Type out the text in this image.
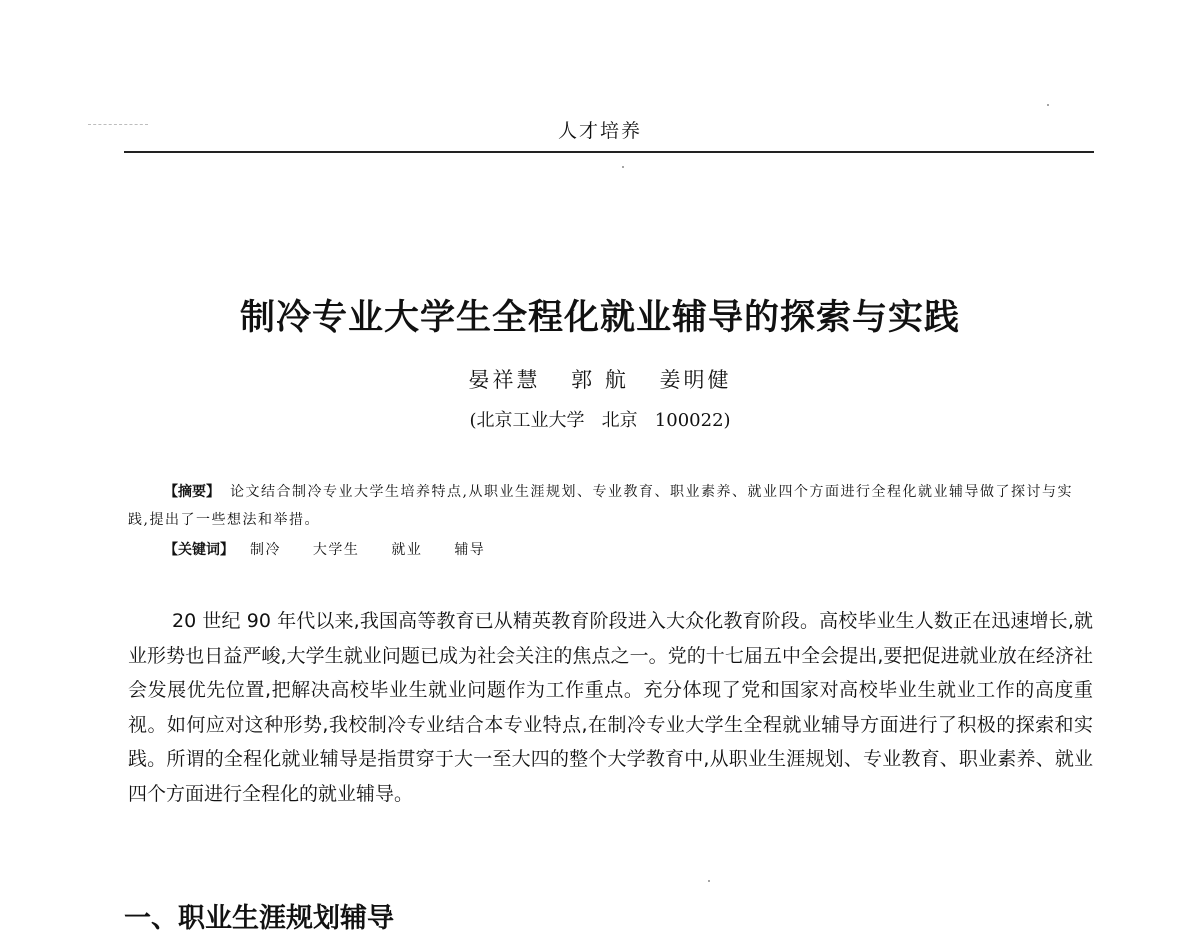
人才培养
制冷专业大学生全程化就业辅导的探索与实践
晏祥慧 郭 航 姜明健
(北京工业大学   北京   100022)
【摘要】 论文结合制冷专业大学生培养特点,从职业生涯规划、专业教育、职业素养、就业四个方面进行全程化就业辅导做了探讨与实践,提出了一些想法和举措。
【关键词】 制冷 大学生 就业 辅导
20 世纪 90 年代以来,我国高等教育已从精英教育阶段进入大众化教育阶段。高校毕业生人数正在迅速增长,就业形势也日益严峻,大学生就业问题已成为社会关注的焦点之一。党的十七届五中全会提出,要把促进就业放在经济社会发展优先位置,把解决高校毕业生就业问题作为工作重点。充分体现了党和国家对高校毕业生就业工作的高度重视。如何应对这种形势,我校制冷专业结合本专业特点,在制冷专业大学生全程就业辅导方面进行了积极的探索和实践。所谓的全程化就业辅导是指贯穿于大一至大四的整个大学教育中,从职业生涯规划、专业教育、职业素养、就业四个方面进行全程化的就业辅导。
一、职业生涯规划辅导
